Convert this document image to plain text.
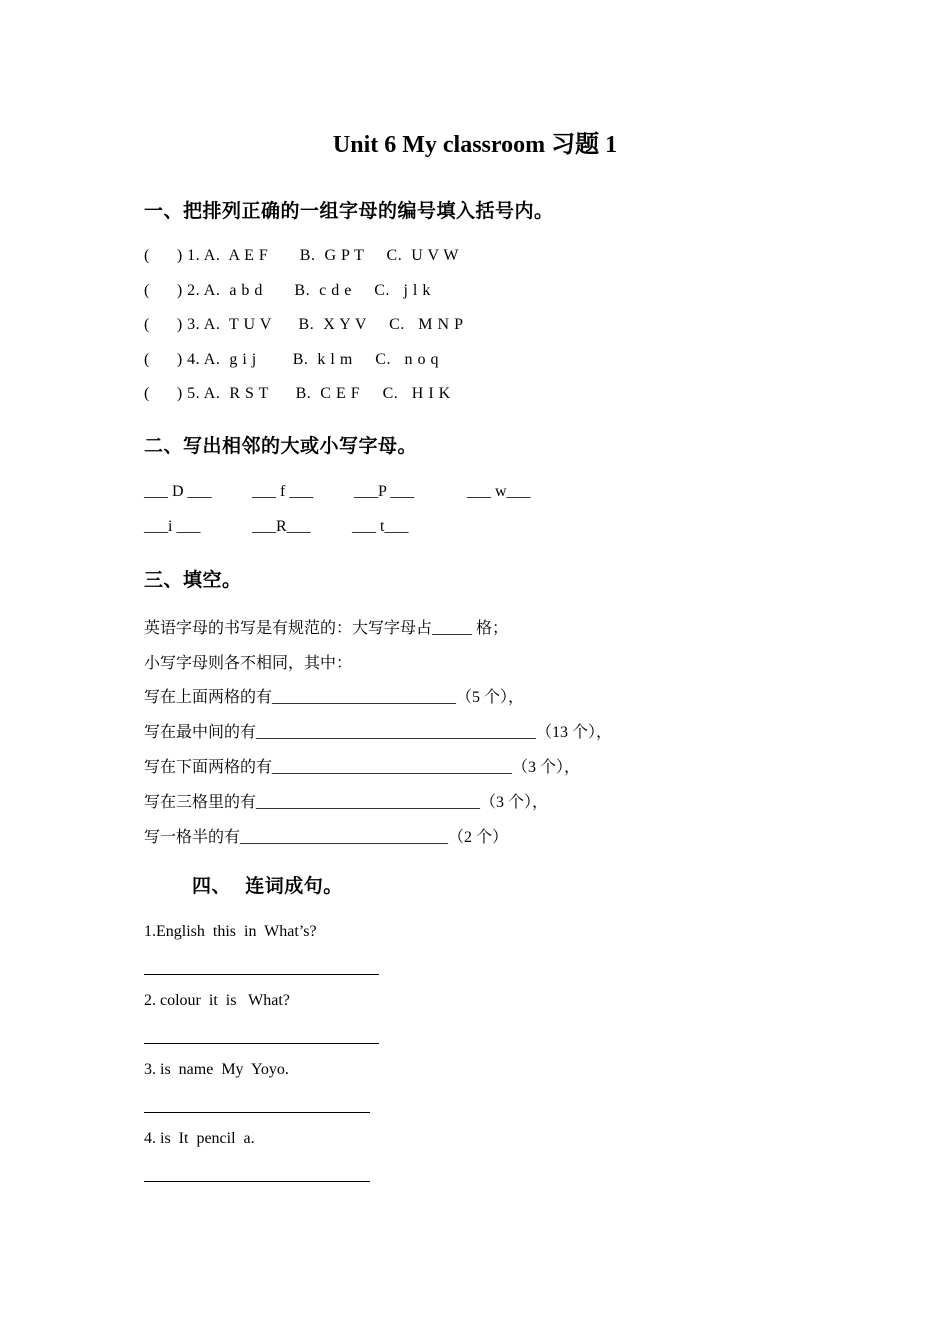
Unit 6 My classroom 习题 1
一、把排列正确的一组字母的编号填入括号内。
(      ) 1. A.  A E F       B.  G P T     C.  U V W
(      ) 2. A.  a b d       B.  c d e     C.   j l k
(      ) 3. A.  T U V      B.  X Y V     C.   M N P
(      ) 4. A.  g i j        B.  k l m     C.   n o q
(      ) 5. A.  R S T      B.  C E F     C.   H I K
二、写出相邻的大或小写字母。
___ D ___	___ f ___	___P ___	___ w___
___i ___	___R___	___ t___
三、填空。
英语字母的书写是有规范的：大写字母占_____ 格；
小写字母则各不相同，其中：
写在上面两格的有_______________________（5 个），
写在最中间的有___________________________________（13 个），
写在下面两格的有______________________________（3 个），
写在三格里的有____________________________（3 个），
写一格半的有__________________________（2 个）
四、  连词成句。
1.English  this  in  What’s?
2. colour  it  is   What?
3. is  name  My  Yoyo.
4. is  It  pencil  a.
